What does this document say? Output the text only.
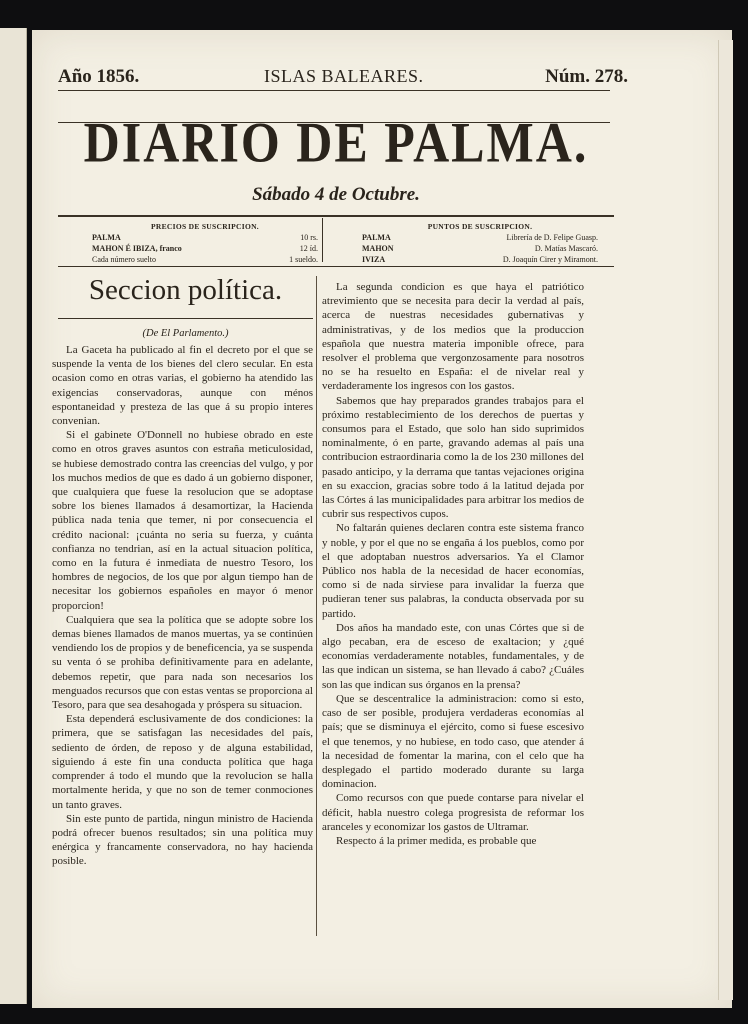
Año 1856.	ISLAS BALEARES.	Núm. 278.
DIARIO DE PALMA.
Sábado 4 de Octubre.
PRECIOS DE SUSCRIPCION.
PALMA	10 rs.
MAHON É IBIZA, franco	12 íd.
Cada número suelto	1 sueldo.
PUNTOS DE SUSCRIPCION.
PALMA	Librería de D. Felipe Guasp.
MAHON	D. Matías Mascaró.
IVIZA	D. Joaquín Cirer y Miramont.
Seccion política.
(De El Parlamento.)

La Gaceta ha publicado al fin el decreto por el que se suspende la venta de los bienes del clero secular. En esta ocasion como en otras varias, el gobierno ha atendido las exigencias conservadoras, aunque con ménos espontaneidad y presteza de las que á su propio interes convenian.

Si el gabinete O'Donnell no hubiese obrado en este como en otros graves asuntos con estraña meticulosidad, se hubiese demostrado contra las creencias del vulgo, y por los muchos medios de que es dado á un gobierno disponer, que cualquiera que fuese la resolucion que se adoptase sobre los bienes llamados á desamortizar, la Hacienda pública nada tenia que temer, ni por consecuencia el crédito nacional: ¡cuánta no seria su fuerza, y cuánta confianza no tendrian, así en la actual situacion política, como en la futura é inmediata de nuestro Tesoro, los hombres de negocios, de los que por algun tiempo han de necesitar los gobiernos españoles en mayor ó menor proporcion!

Cualquiera que sea la política que se adopte sobre los demas bienes llamados de manos muertas, ya se continúen vendiendo los de propios y de beneficencia, ya se suspenda su venta ó se prohiba definitivamente para en adelante, debemos repetir, que para nada son necesarios los menguados recursos que con estas ventas se proporciona al Tesoro, para que sea desahogada y próspera su situacion.

Esta dependerá esclusivamente de dos condiciones: la primera, que se satisfagan las necesidades del país, sediento de órden, de reposo y de alguna estabilidad, siguiendo á este fin una conducta política que haga comprender á todo el mundo que la revolucion se halla mortalmente herida, y que no son de temer conmociones un tanto graves.

Sin este punto de partida, ningun ministro de Hacienda podrá ofrecer buenos resultados; sin una política muy enérgica y francamente conservadora, no hay hacienda posible.

La segunda condicion es que haya el patriótico atrevimiento que se necesita para decir la verdad al país, acerca de nuestras necesidades gubernativas y administrativas, y de los medios que la produccion española que nuestra materia imponible ofrece, para resolver el problema que vergonzosamente para nosotros no se ha resuelto en España: el de nivelar real y verdaderamente los ingresos con los gastos.

Sabemos que hay preparados grandes trabajos para el próximo restablecimiento de los derechos de puertas y consumos para el Estado, que solo han sido suprimidos nominalmente, ó en parte, gravando ademas al país una contribucion estraordinaria como la de los 230 millones del pasado anticipo, y la derrama que tantas vejaciones origina en su exaccion, gracias sobre todo á la latitud dejada por las Córtes á las municipalidades para arbitrar los medios de cubrir sus respectivos cupos.

No faltarán quienes declaren contra este sistema franco y noble, y por el que no se engaña á los pueblos, como por el que adoptaban nuestros adversarios. Ya el Clamor Público nos habla de la necesidad de hacer economías, como si de nada sirviese para invalidar la fuerza que pudieran tener sus palabras, la conducta observada por su partido.

Dos años ha mandado este, con unas Córtes que si de algo pecaban, era de esceso de exaltacion; y ¿qué economías verdaderamente notables, fundamentales, y de las que indican un sistema, se han llevado á cabo? ¿Cuáles son las que indican sus órganos en la prensa?

Que se descentralice la administracion: como si esto, caso de ser posible, produjera verdaderas economías al país; que se disminuya el ejército, como si fuese escesivo el que tenemos, y no hubiese, en todo caso, que atender á la necesidad de fomentar la marina, con el celo que ha desplegado el partido moderado durante su larga dominacion.

Como recursos con que puede contarse para nivelar el déficit, habla nuestro colega progresista de reformar los aranceles y economizar los gastos de Ultramar.

Respecto á la primer medida, es probable que
